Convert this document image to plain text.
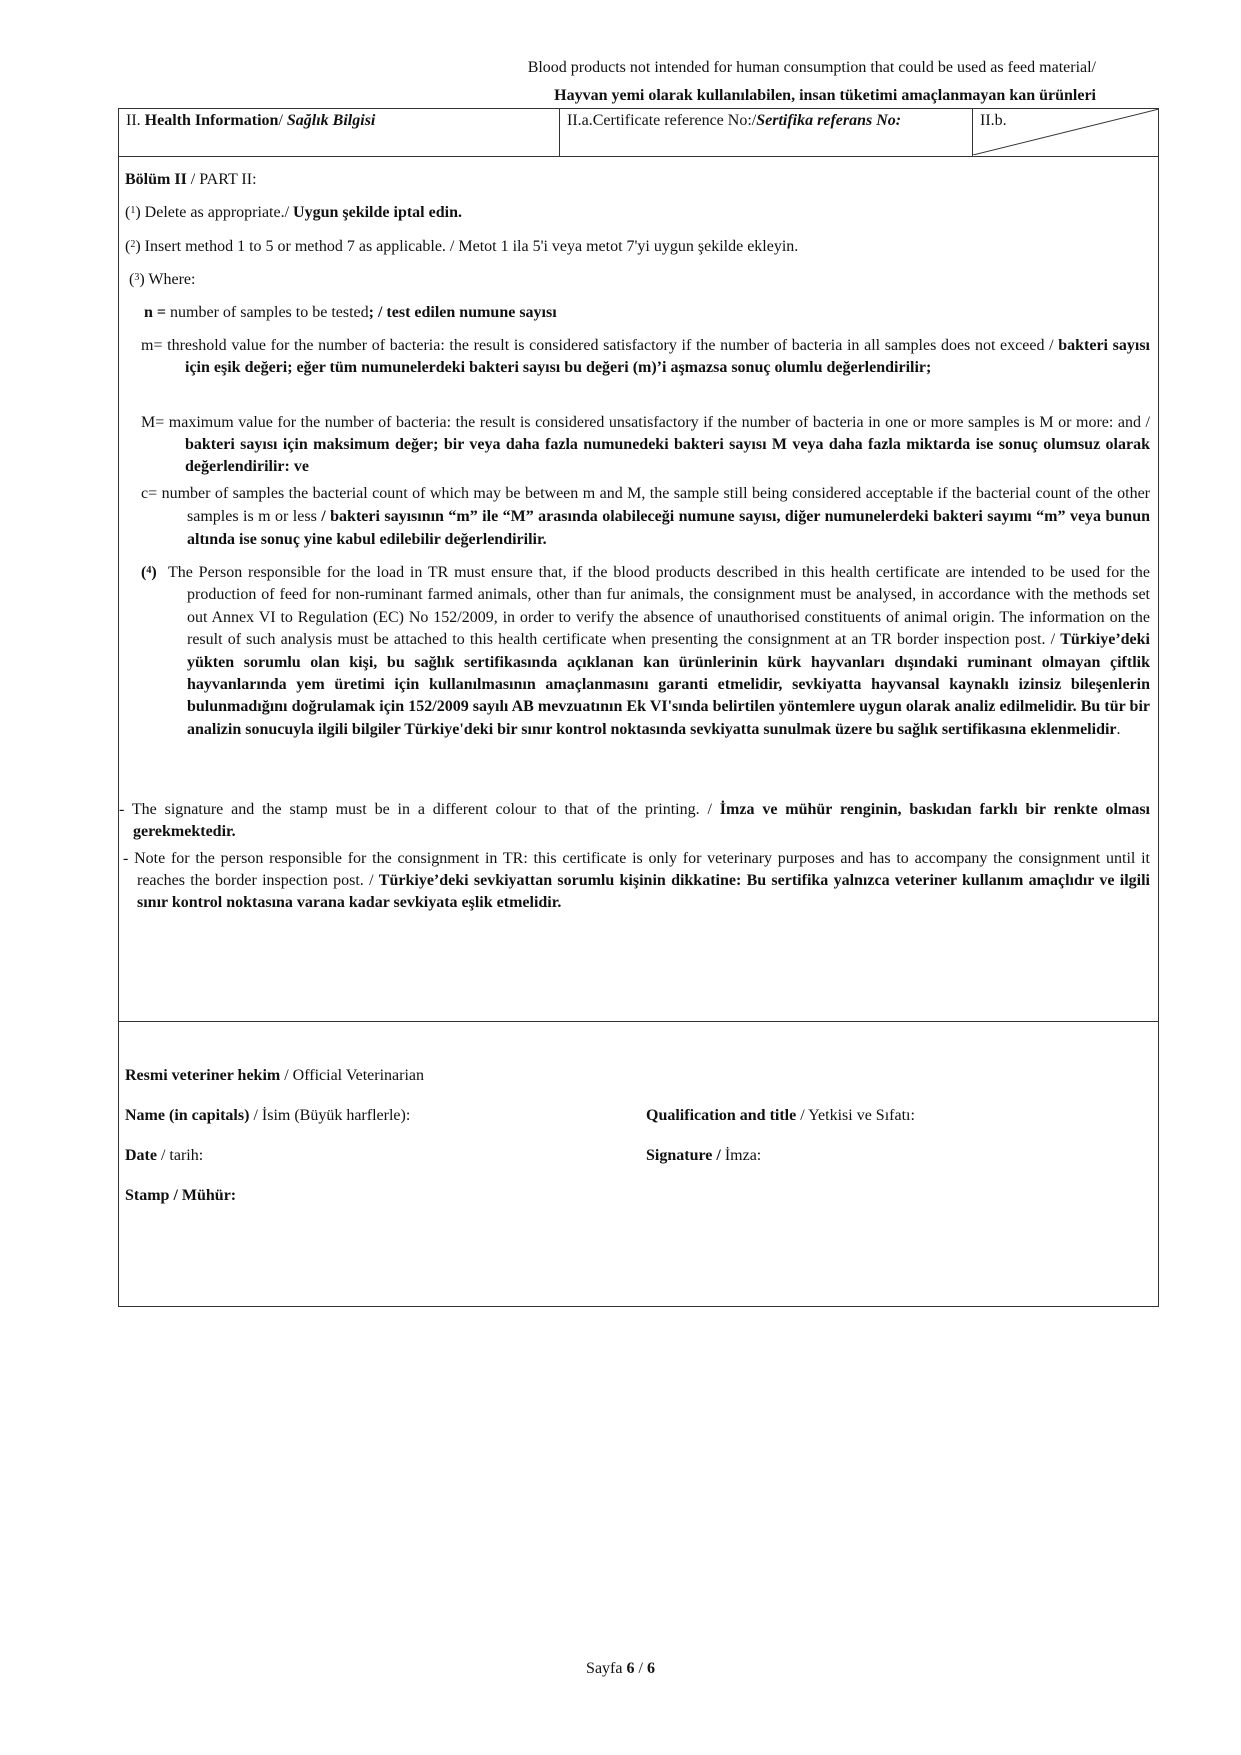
Blood products not intended for human consumption that could be used as feed material/
Hayvan yemi olarak kullanılabilen, insan tüketimi amaçlanmayan kan ürünleri
II. Health Information/ Sağlık Bilgisi	II.a.Certificate reference No:/Sertifika referans No:	II.b.
Bölüm II / PART II:
($^1$) Delete as appropriate./ Uygun şekilde iptal edin.
($^2$) Insert method 1 to 5 or method 7 as applicable. / Metot 1 ila 5'i veya metot 7'yi uygun şekilde ekleyin.
($^3$) Where:
n = number of samples to be tested; / test edilen numune sayısı
m= threshold value for the number of bacteria: the result is considered satisfactory if the number of bacteria in all samples does not exceed / bakteri sayısı için eşik değeri; eğer tüm numunelerdeki bakteri sayısı bu değeri (m)’i aşmazsa sonuç olumlu değerlendirilir;
M= maximum value for the number of bacteria: the result is considered unsatisfactory if the number of bacteria in one or more samples is M or more: and / bakteri sayısı için maksimum değer; bir veya daha fazla numunedeki bakteri sayısı M veya daha fazla miktarda ise sonuç olumsuz olarak değerlendirilir: ve
c= number of samples the bacterial count of which may be between m and M, the sample still being considered acceptable if the bacterial count of the other samples is m or less / bakteri sayısının “m” ile “M” arasında olabileceği numune sayısı, diğer numunelerdeki bakteri sayımı “m” veya bunun altında ise sonuç yine kabul edilebilir değerlendirilir.
($^4$) The Person responsible for the load in TR must ensure that, if the blood products described in this health certificate are intended to be used for the production of feed for non-ruminant farmed animals, other than fur animals, the consignment must be analysed, in accordance with the methods set out Annex VI to Regulation (EC) No 152/2009, in order to verify the absence of unauthorised constituents of animal origin. The information on the result of such analysis must be attached to this health certificate when presenting the consignment at an TR border inspection post. / Türkiye’deki yükten sorumlu olan kişi, bu sağlık sertifikasında açıklanan kan ürünlerinin kürk hayvanları dışındaki ruminant olmayan çiftlik hayvanlarında yem üretimi için kullanılmasının amaçlanmasını garanti etmelidir, sevkiyatta hayvansal kaynaklı izinsiz bileşenlerin bulunmadığını doğrulamak için 152/2009 sayılı AB mevzuatının Ek VI'sında belirtilen yöntemlere uygun olarak analiz edilmelidir. Bu tür bir analizin sonucuyla ilgili bilgiler Türkiye'deki bir sınır kontrol noktasında sevkiyatta sunulmak üzere bu sağlık sertifikasına eklenmelidir.
- The signature and the stamp must be in a different colour to that of the printing. / İmza ve mühür renginin, baskıdan farklı bir renkte olması gerekmektedir.
- Note for the person responsible for the consignment in TR: this certificate is only for veterinary purposes and has to accompany the consignment until it reaches the border inspection post. / Türkiye’deki sevkiyattan sorumlu kişinin dikkatine: Bu sertifika yalnızca veteriner kullanım amaçlıdır ve ilgili sınır kontrol noktasına varana kadar sevkiyata eşlik etmelidir.
Resmi veteriner hekim / Official Veterinarian
Name (in capitals) / İsim (Büyük harflerle):	Qualification and title / Yetkisi ve Sıfatı:
Date / tarih:	Signature / İmza:
Stamp / Mühür:
Sayfa 6 / 6
